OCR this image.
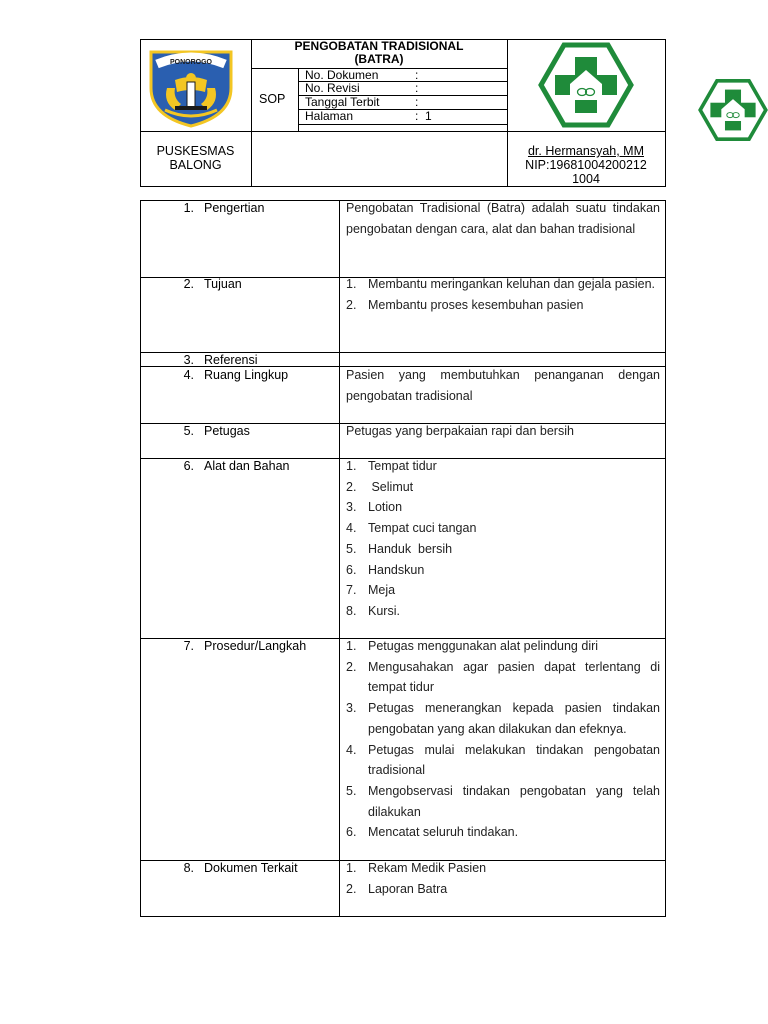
PONOROGO
PENGOBATAN TRADISIONAL
(BATRA)
SOP
No. Dokumen	:
No. Revisi	:
Tanggal Terbit	:
Halaman	: 1
PUSKESMAS
BALONG
dr. Hermansyah, MM
NIP:19681004200212
1004
1. Pengertian	Pengobatan Tradisional (Batra) adalah suatu tindakan pengobatan dengan cara, alat dan bahan tradisional
2. Tujuan	1. Membantu meringankan keluhan dan gejala pasien.
2. Membantu proses kesembuhan pasien
3. Referensi
4. Ruang Lingkup	Pasien yang membutuhkan penanganan dengan pengobatan tradisional
5. Petugas	Petugas yang berpakaian rapi dan bersih
6. Alat dan Bahan	1. Tempat tidur
2. Selimut
3. Lotion
4. Tempat cuci tangan
5. Handuk  bersih
6. Handskun
7. Meja
8. Kursi.
7. Prosedur/Langkah	1. Petugas menggunakan alat pelindung diri
2. Mengusahakan agar pasien dapat terlentang di tempat tidur
3. Petugas menerangkan kepada pasien tindakan pengobatan yang akan dilakukan dan efeknya.
4. Petugas mulai melakukan tindakan pengobatan tradisional
5. Mengobservasi tindakan pengobatan yang telah dilakukan
6. Mencatat seluruh tindakan.
8. Dokumen Terkait	1. Rekam Medik Pasien
2. Laporan Batra
